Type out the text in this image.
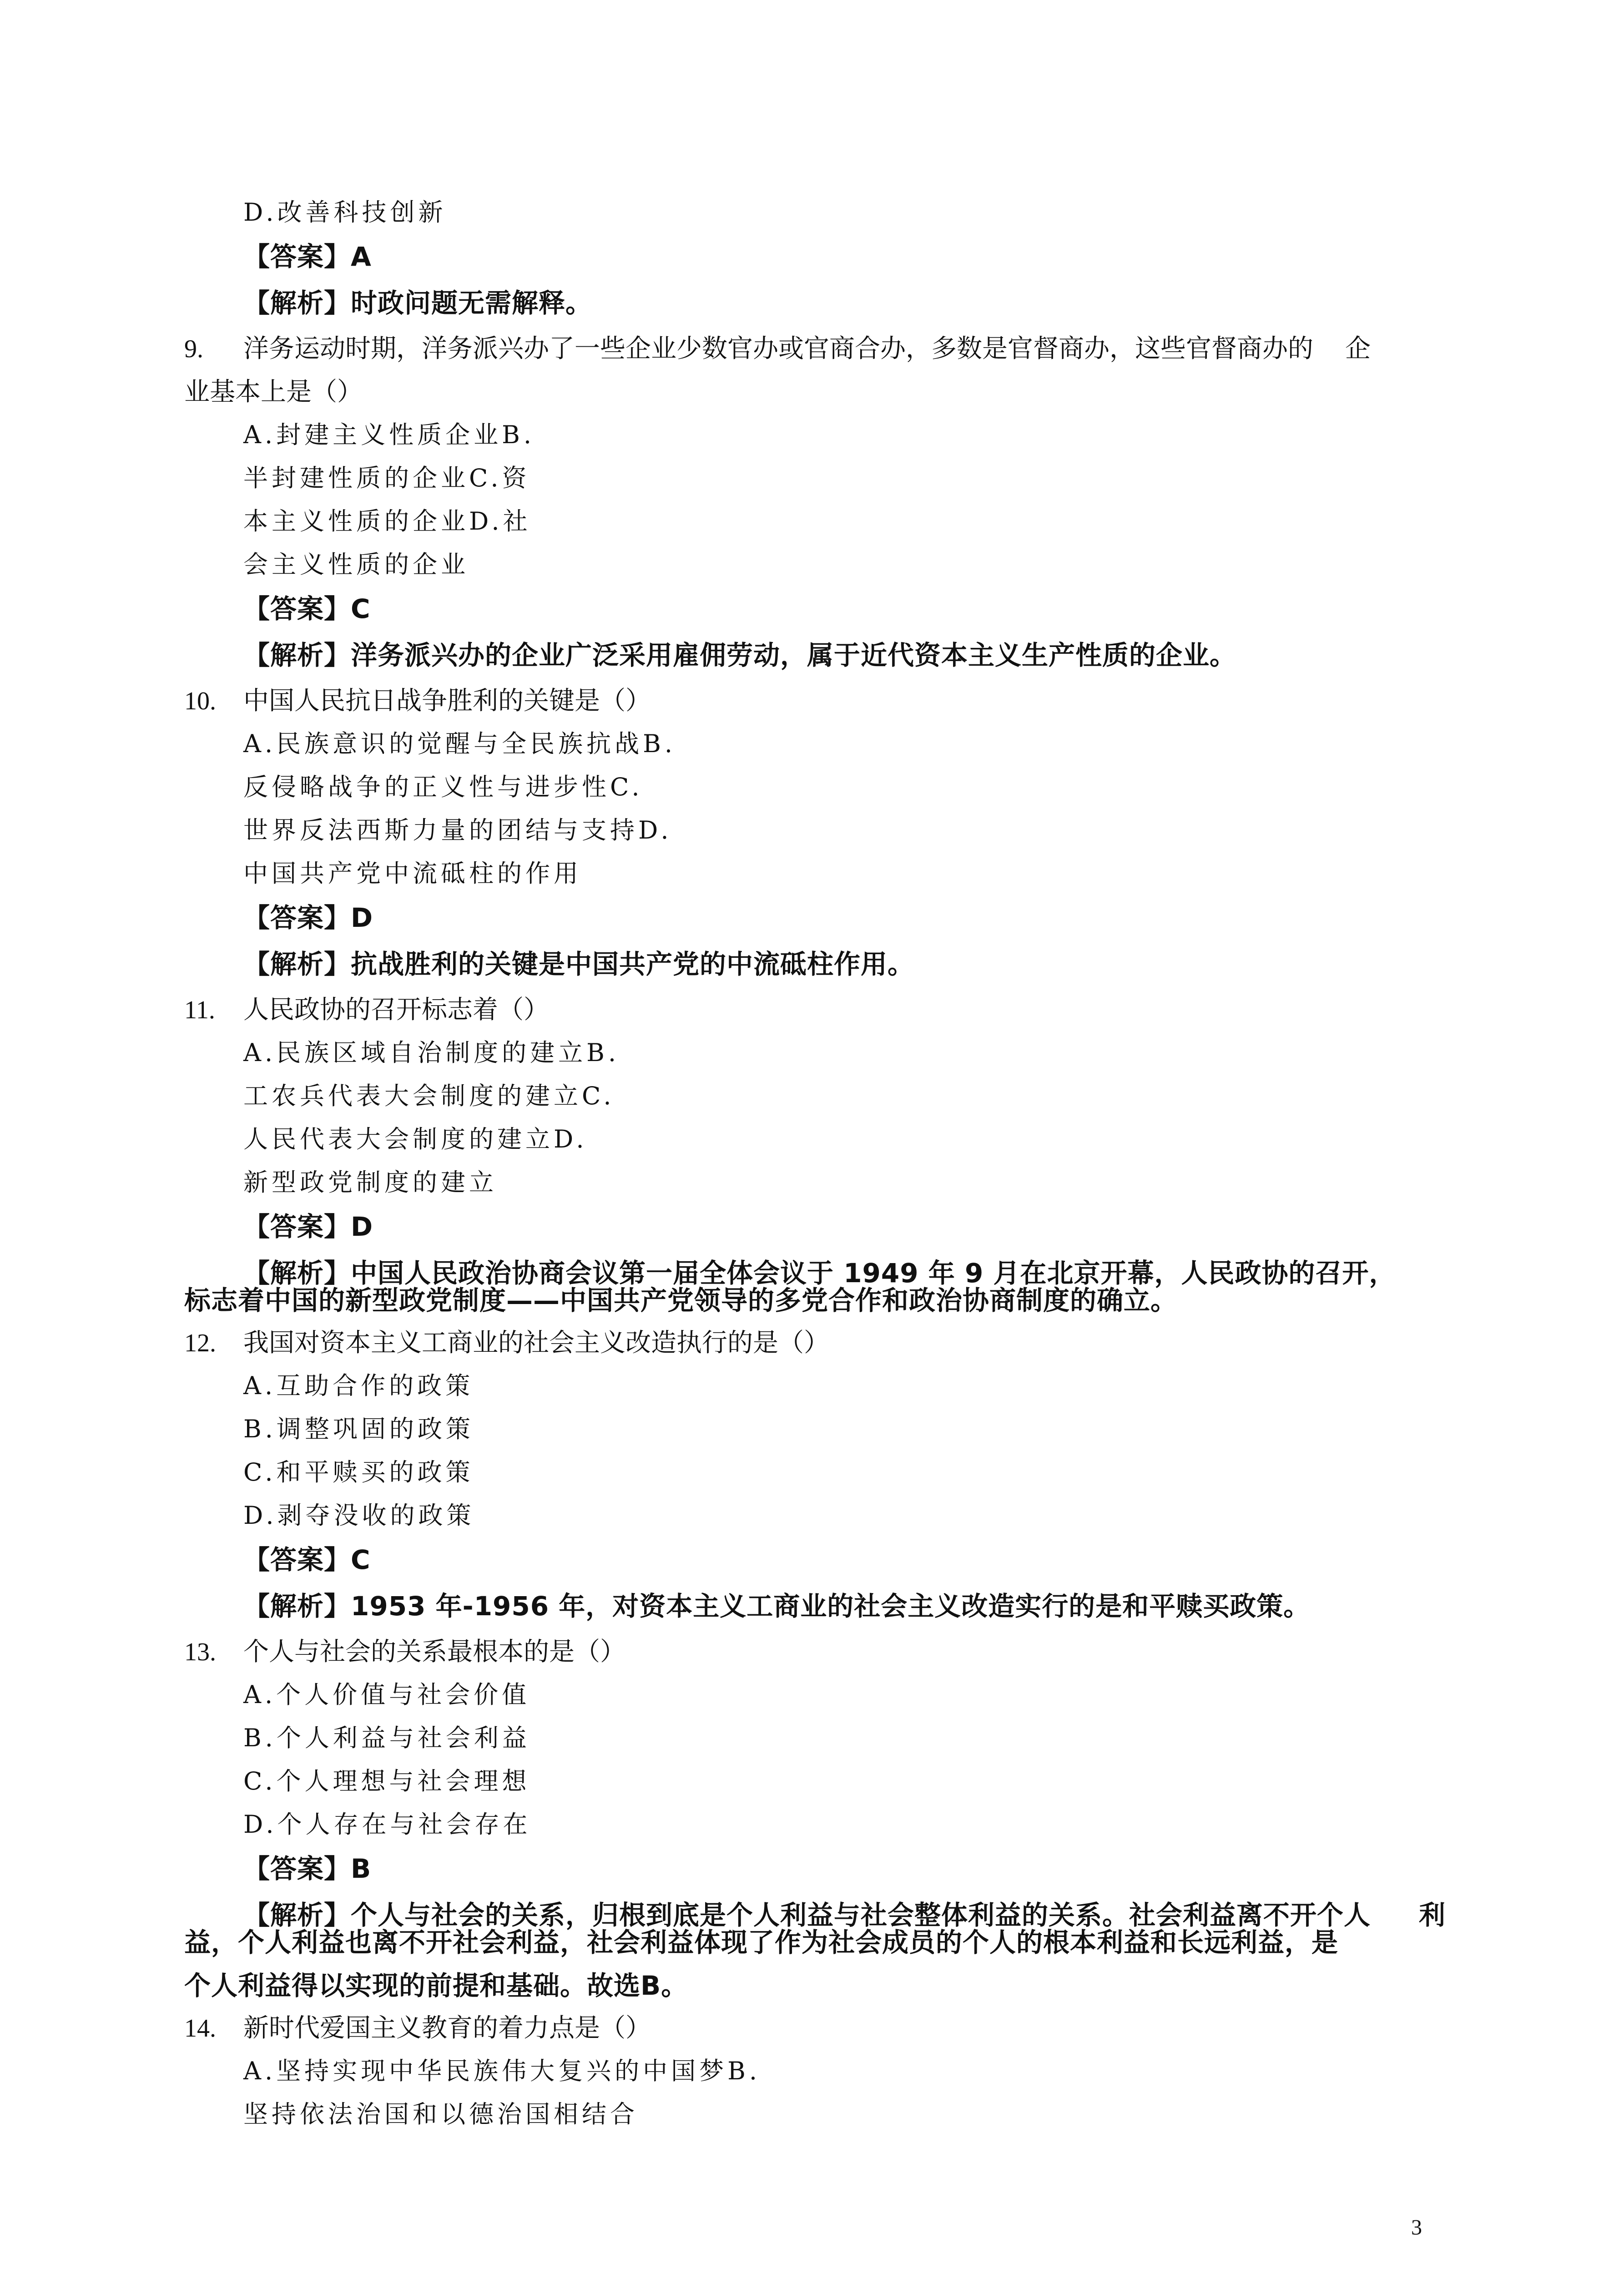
D.改善科技创新
【答案】A
【解析】时政问题无需解释。
9. 洋务运动时期，洋务派兴办了一些企业少数官办或官商合办，多数是官督商办，这些官督商办的     企
业基本上是（）
A.封建主义性质企业B.
半封建性质的企业C.资
本主义性质的企业D.社
会主义性质的企业
【答案】C
【解析】洋务派兴办的企业广泛采用雇佣劳动，属于近代资本主义生产性质的企业。
10. 中国人民抗日战争胜利的关键是（）
A.民族意识的觉醒与全民族抗战B.
反侵略战争的正义性与进步性C.
世界反法西斯力量的团结与支持D.
中国共产党中流砥柱的作用
【答案】D
【解析】抗战胜利的关键是中国共产党的中流砥柱作用。
11. 人民政协的召开标志着（）
A.民族区域自治制度的建立B.
工农兵代表大会制度的建立C.
人民代表大会制度的建立D.
新型政党制度的建立
【答案】D
【解析】中国人民政治协商会议第一届全体会议于 1949 年 9 月在北京开幕，人民政协的召开，
标志着中国的新型政党制度——中国共产党领导的多党合作和政治协商制度的确立。
12. 我国对资本主义工商业的社会主义改造执行的是（）
A.互助合作的政策
B.调整巩固的政策
C.和平赎买的政策
D.剥夺没收的政策
【答案】C
【解析】1953 年-1956 年，对资本主义工商业的社会主义改造实行的是和平赎买政策。
13. 个人与社会的关系最根本的是（）
A.个人价值与社会价值
B.个人利益与社会利益
C.个人理想与社会理想
D.个人存在与社会存在
【答案】B
【解析】个人与社会的关系，归根到底是个人利益与社会整体利益的关系。社会利益离不开个人     利
益，个人利益也离不开社会利益，社会利益体现了作为社会成员的个人的根本利益和长远利益，是
个人利益得以实现的前提和基础。故选B。
14. 新时代爱国主义教育的着力点是（）
A.坚持实现中华民族伟大复兴的中国梦B.
坚持依法治国和以德治国相结合
3
